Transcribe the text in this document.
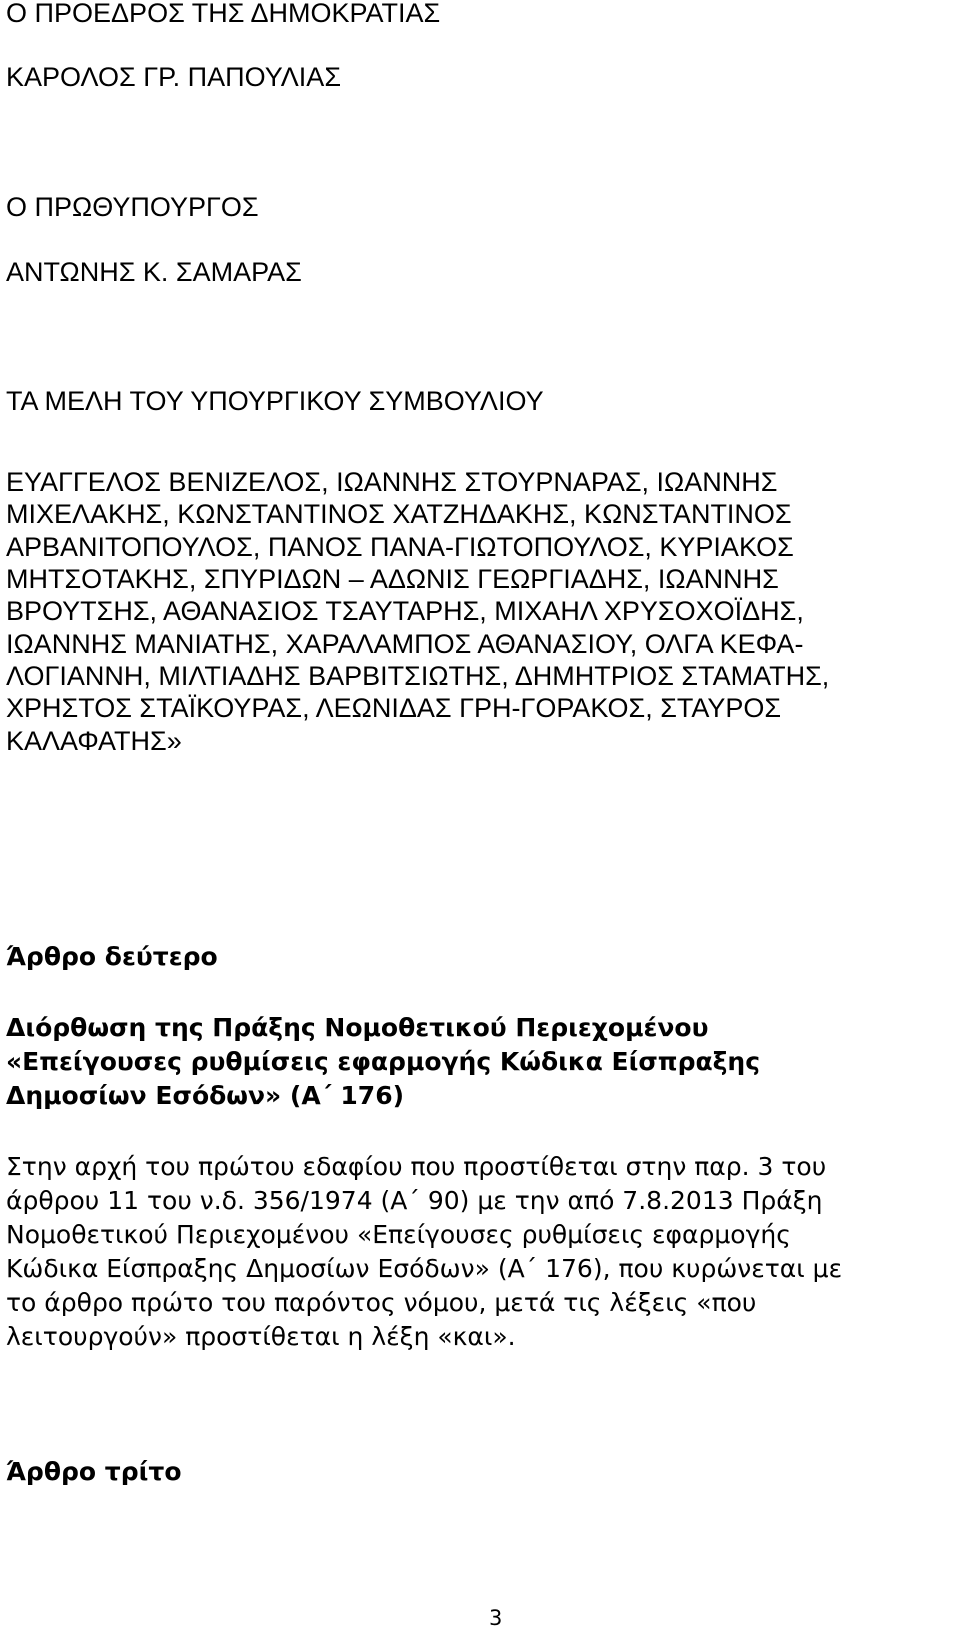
Ο ΠΡΟΕΔΡΟΣ ΤΗΣ ΔΗΜΟΚΡΑΤΙΑΣ
ΚΑΡΟΛΟΣ ΓΡ. ΠΑΠΟΥΛΙΑΣ
Ο ΠΡΩΘΥΠΟΥΡΓΟΣ
ΑΝΤΩΝΗΣ Κ. ΣΑΜΑΡΑΣ
ΤΑ ΜΕΛΗ ΤΟΥ ΥΠΟΥΡΓΙΚΟΥ ΣΥΜΒΟΥΛΙΟΥ
ΕΥΑΓΓΕΛΟΣ ΒΕΝΙΖΕΛΟΣ, ΙΩΑΝΝΗΣ ΣΤΟΥΡΝΑΡΑΣ, ΙΩΑΝΝΗΣ
ΜΙΧΕΛΑΚΗΣ, ΚΩΝΣΤΑΝΤΙΝΟΣ ΧΑΤΖΗΔΑΚΗΣ, ΚΩΝΣΤΑΝΤΙΝΟΣ
ΑΡΒΑΝΙΤΟΠΟΥΛΟΣ, ΠΑΝΟΣ ΠΑΝΑ-ΓΙΩΤΟΠΟΥΛΟΣ, ΚΥΡΙΑΚΟΣ
ΜΗΤΣΟΤΑΚΗΣ, ΣΠΥΡΙΔΩΝ – ΑΔΩΝΙΣ ΓΕΩΡΓΙΑΔΗΣ, ΙΩΑΝΝΗΣ
ΒΡΟΥΤΣΗΣ, ΑΘΑΝΑΣΙΟΣ ΤΣΑΥΤΑΡΗΣ, ΜΙΧΑΗΛ ΧΡΥΣΟΧΟΪΔΗΣ,
ΙΩΑΝΝΗΣ ΜΑΝΙΑΤΗΣ, ΧΑΡΑΛΑΜΠΟΣ ΑΘΑΝΑΣΙΟΥ, ΟΛΓΑ ΚΕΦΑ-
ΛΟΓΙΑΝΝΗ, ΜΙΛΤΙΑΔΗΣ ΒΑΡΒΙΤΣΙΩΤΗΣ, ΔΗΜΗΤΡΙΟΣ ΣΤΑΜΑΤΗΣ,
ΧΡΗΣΤΟΣ ΣΤΑΪΚΟΥΡΑΣ, ΛΕΩΝΙΔΑΣ ΓΡΗ-ΓΟΡΑΚΟΣ, ΣΤΑΥΡΟΣ
ΚΑΛΑΦΑΤΗΣ»
Άρθρο δεύτερο
Διόρθωση της Πράξης Νομοθετικού Περιεχομένου
«Επείγουσες ρυθμίσεις εφαρμογής Κώδικα Είσπραξης
Δημοσίων Εσόδων» (Α΄ 176)
Στην αρχή του πρώτου εδαφίου που προστίθεται στην παρ. 3 του
άρθρου 11 του ν.δ. 356/1974 (Α΄ 90) με την από 7.8.2013 Πράξη
Νομοθετικού Περιεχομένου «Επείγουσες ρυθμίσεις εφαρμογής
Κώδικα Είσπραξης Δημοσίων Εσόδων» (Α΄ 176), που κυρώνεται με
το άρθρο πρώτο του παρόντος νόμου, μετά τις λέξεις «που
λειτουργούν» προστίθεται η λέξη «και».
Άρθρο τρίτο
3
